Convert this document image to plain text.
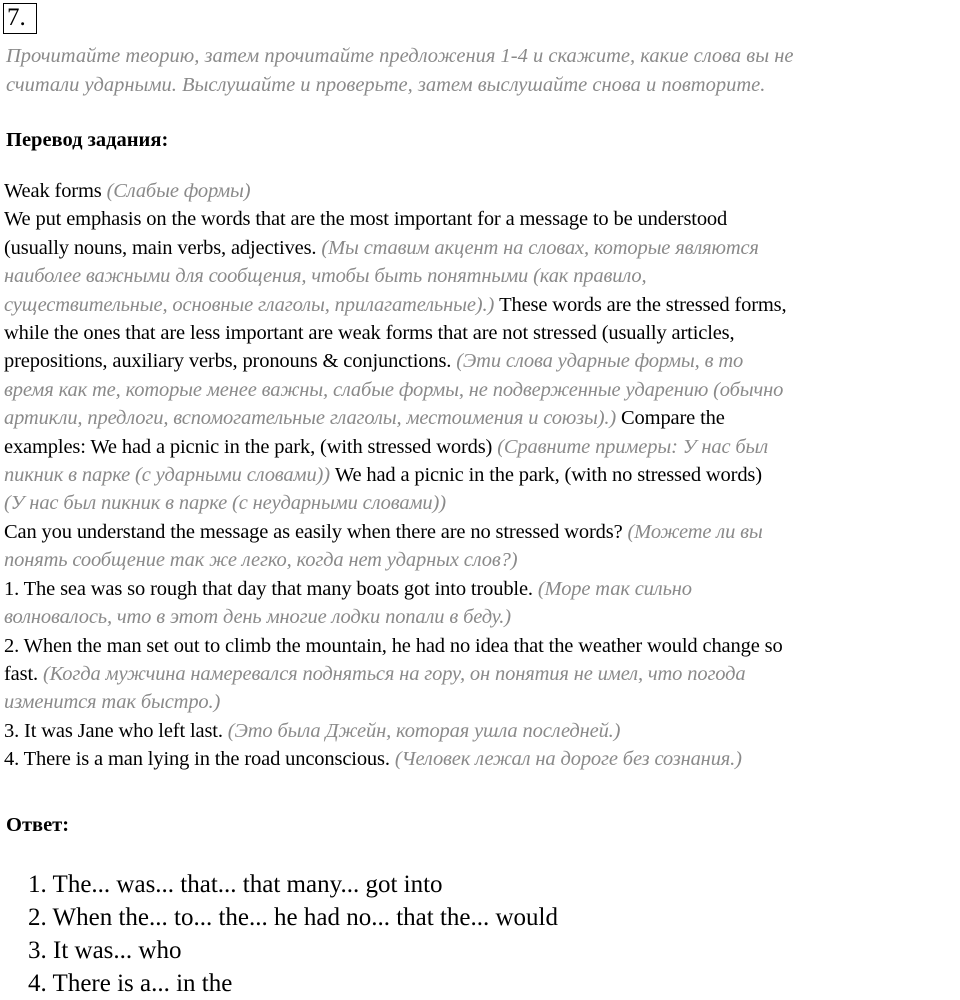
7.
Прочитайте теорию, затем прочитайте предложения 1-4 и скажите, какие слова вы не
считали ударными. Выслушайте и проверьте, затем выслушайте снова и повторите.
Перевод задания:
Weak forms (Слабые формы)
We put emphasis on the words that are the most important for a message to be understood
(usually nouns, main verbs, adjectives. (Мы ставим акцент на словах, которые являются
наиболее важными для сообщения, чтобы быть понятными (как правило,
существительные, основные глаголы, прилагательные).) These words are the stressed forms,
while the ones that are less important are weak forms that are not stressed (usually articles,
prepositions, auxiliary verbs, pronouns & conjunctions. (Эти слова ударные формы, в то
время как те, которые менее важны, слабые формы, не подверженные ударению (обычно
артикли, предлоги, вспомогательные глаголы, местоимения и союзы).) Compare the
examples: We had a picnic in the park, (with stressed words) (Сравните примеры: У нас был
пикник в парке (с ударными словами)) We had a picnic in the park, (with no stressed words)
(У нас был пикник в парке (с неударными словами))
Can you understand the message as easily when there are no stressed words? (Можете ли вы
понять сообщение так же легко, когда нет ударных слов?)
1. The sea was so rough that day that many boats got into trouble. (Море так сильно
волновалось, что в этот день многие лодки попали в беду.)
2. When the man set out to climb the mountain, he had no idea that the weather would change so
fast. (Когда мужчина намеревался подняться на гору, он понятия не имел, что погода
изменится так быстро.)
3. It was Jane who left last. (Это была Джейн, которая ушла последней.)
4. There is a man lying in the road unconscious. (Человек лежал на дороге без сознания.)
Ответ:
1. The... was... that... that many... got into
2. When the... to... the... he had no... that the... would
3. It was... who
4. There is a... in the
